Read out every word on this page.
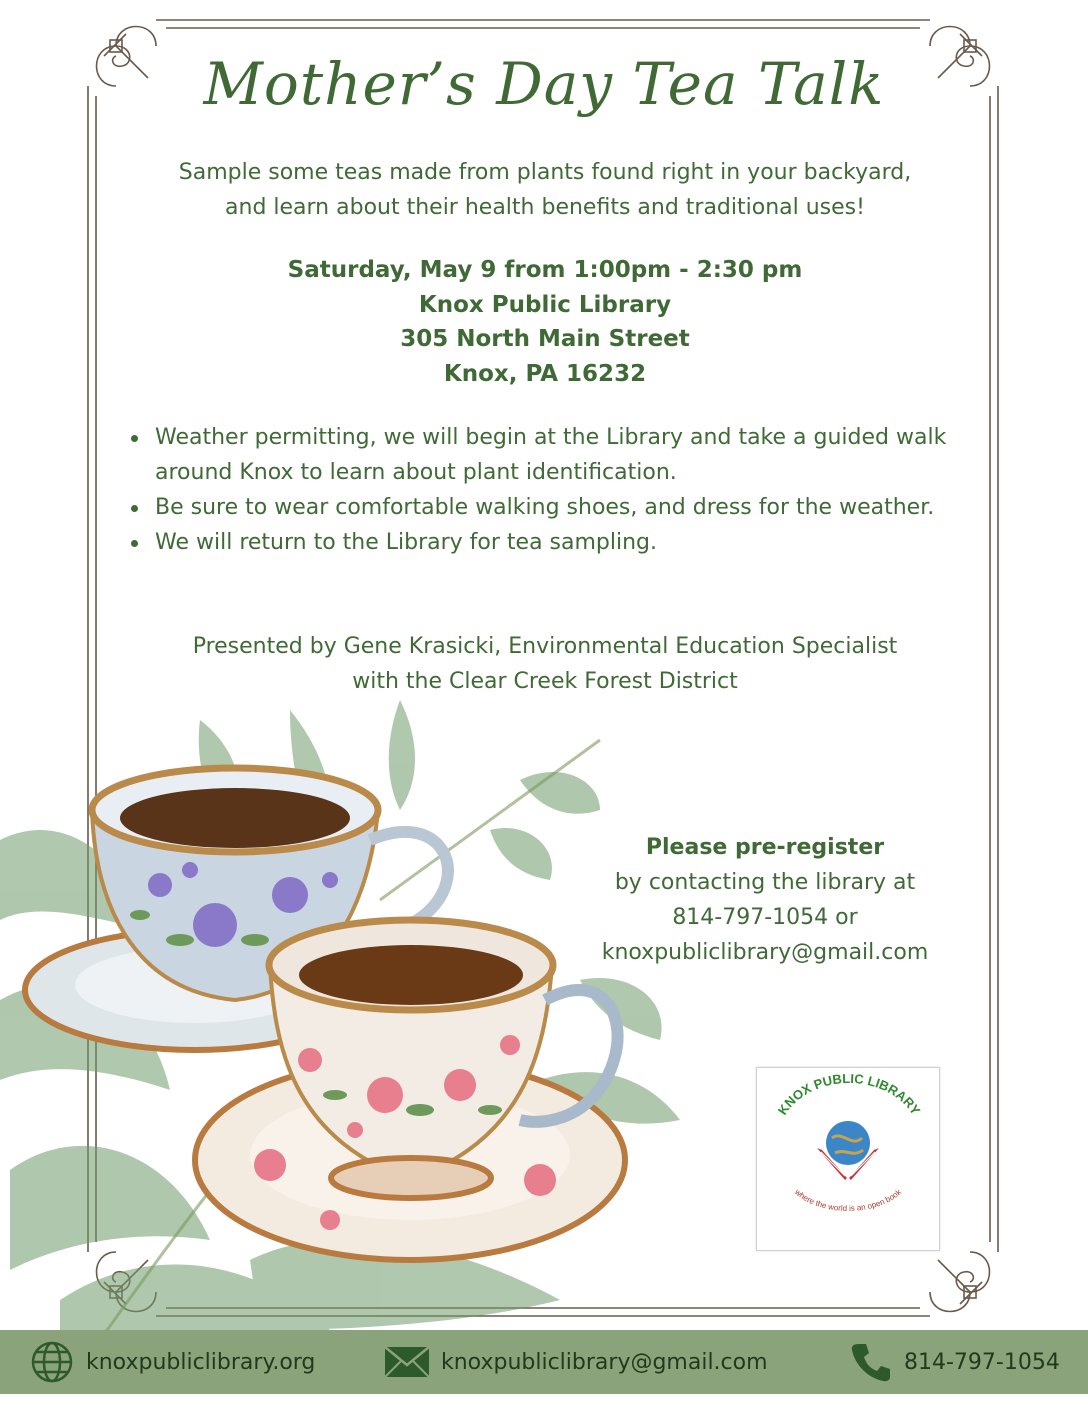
Mother’s Day Tea Talk

Sample some teas made from plants found right in your backyard,
and learn about their health benefits and traditional uses!

Saturday, May 9 from 1:00pm - 2:30 pm
Knox Public Library
305 North Main Street
Knox, PA 16232
Weather permitting, we will begin at the Library and take a guided walk around Knox to learn about plant identification.
Be sure to wear comfortable walking shoes, and dress for the weather.
We will return to the Library for tea sampling.
Presented by Gene Krasicki, Environmental Education Specialist
with the Clear Creek Forest District
Please pre-register
by contacting the library at
814-797-1054 or
knoxpubliclibrary@gmail.com
KNOX PUBLIC LIBRARY
where the world is an open book
knoxpubliclibrary.org	knoxpubliclibrary@gmail.com	814-797-1054
